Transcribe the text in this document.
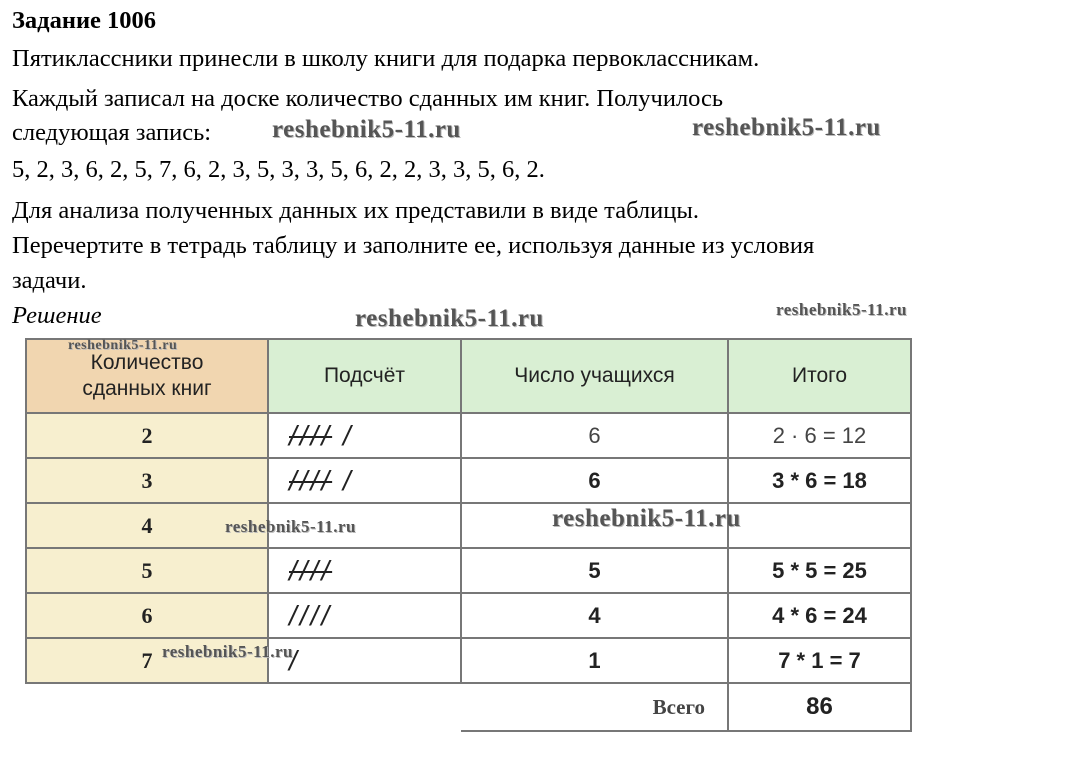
Задание 1006
Пятиклассники принесли в школу книги для подарка первоклассникам.
Каждый записал на доске количество сданных им книг. Получилось
следующая запись:
5, 2, 3, 6, 2, 5, 7, 6, 2, 3, 5, 3, 3, 5, 6, 2, 2, 3, 3, 5, 6, 2.
Для анализа полученных данных их представили в виде таблицы.
Перечертите в тетрадь таблицу и заполните ее, используя данные из условия
задачи.
Решение
reshebnik5-11.ru	reshebnik5-11.ru
reshebnik5-11.ru	reshebnik5-11.ru
Количество сданных книг	Подсчёт	Число учащихся	Итого
2	//// /	6	2 · 6 = 12
3	//// /	6	3 * 6 = 18
4			
5	////	5	5 * 5 = 25
6	////	4	4 * 6 = 24
7	/	1	7 * 1 = 7
		Всего	86
reshebnik5-11.ru
reshebnik5-11.ru	reshebnik5-11.ru
reshebnik5-11.ru
